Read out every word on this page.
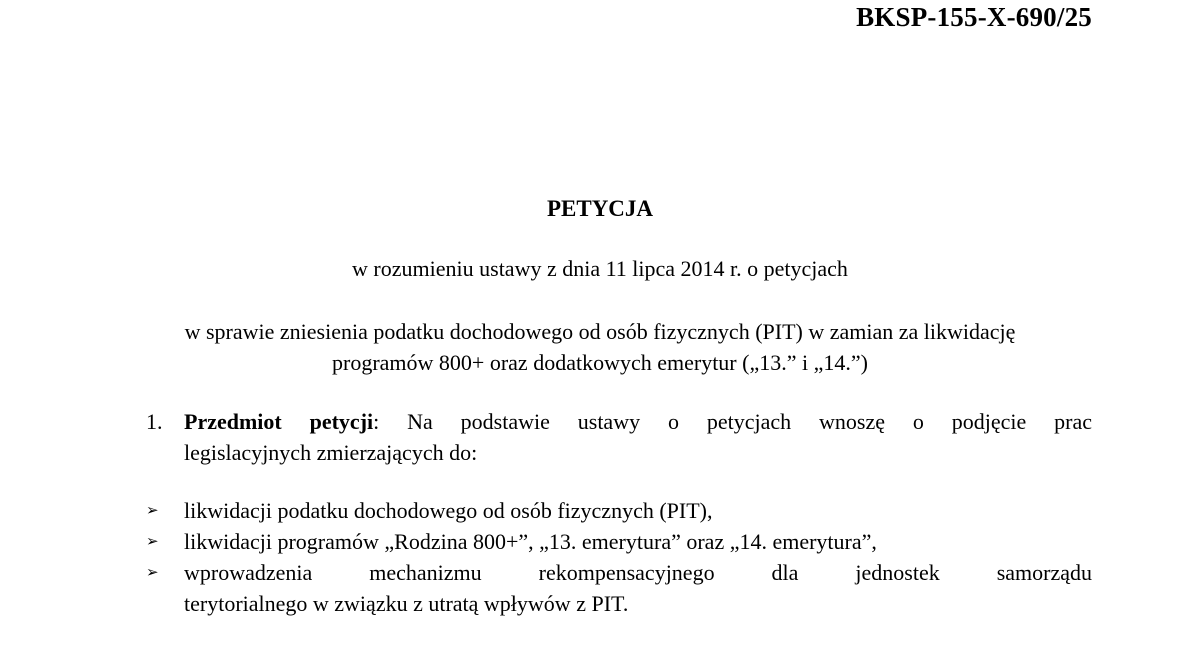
BKSP-155-X-690/25
PETYCJA
w rozumieniu ustawy z dnia 11 lipca 2014 r. o petycjach
w sprawie zniesienia podatku dochodowego od osób fizycznych (PIT) w zamian za likwidację
programów 800+ oraz dodatkowych emerytur („13.” i „14.”)
1. Przedmiot petycji: Na podstawie ustawy o petycjach wnoszę o podjęcie prac
legislacyjnych zmierzających do:
➢ likwidacji podatku dochodowego od osób fizycznych (PIT),
➢ likwidacji programów „Rodzina 800+”, „13. emerytura” oraz „14. emerytura”,
➢ wprowadzenia mechanizmu rekompensacyjnego dla jednostek samorządu
terytorialnego w związku z utratą wpływów z PIT.
